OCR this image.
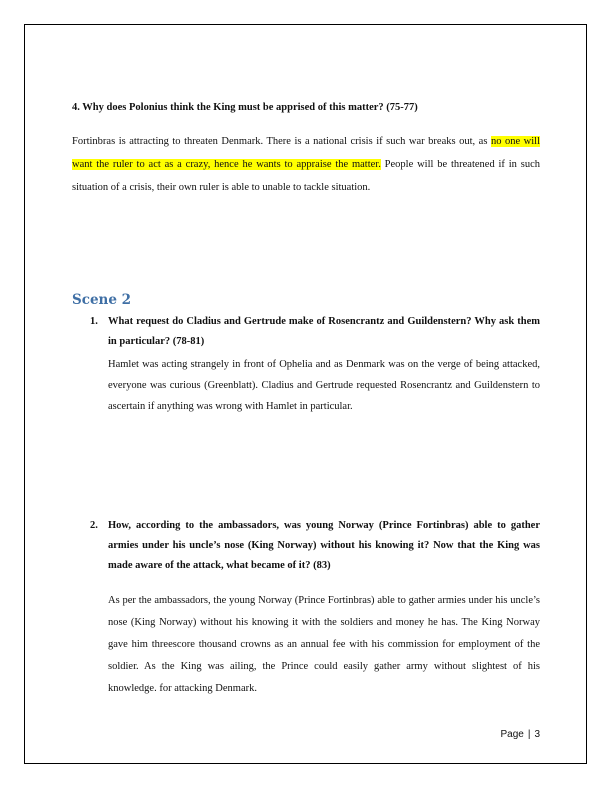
4. Why does Polonius think the King must be apprised of this matter? (75-77)
Fortinbras is attracting to threaten Denmark. There is a national crisis if such war breaks out, as no one will want the ruler to act as a crazy, hence he wants to appraise the matter. People will be threatened if in such situation of a crisis, their own ruler is able to unable to tackle situation.
Scene 2
1. What request do Cladius and Gertrude make of Rosencrantz and Guildenstern? Why ask them in particular? (78-81)
Hamlet was acting strangely in front of Ophelia and as Denmark was on the verge of being attacked, everyone was curious (Greenblatt). Cladius and Gertrude requested Rosencrantz and Guildenstern to ascertain if anything was wrong with Hamlet in particular.
2. How, according to the ambassadors, was young Norway (Prince Fortinbras) able to gather armies under his uncle’s nose (King Norway) without his knowing it? Now that the King was made aware of the attack, what became of it? (83)
As per the ambassadors, the young Norway (Prince Fortinbras) able to gather armies under his uncle’s nose (King Norway) without his knowing it with the soldiers and money he has. The King Norway gave him threescore thousand crowns as an annual fee with his commission for employment of the soldier. As the King was ailing, the Prince could easily gather army without slightest of his knowledge. for attacking Denmark.
Page | 3
